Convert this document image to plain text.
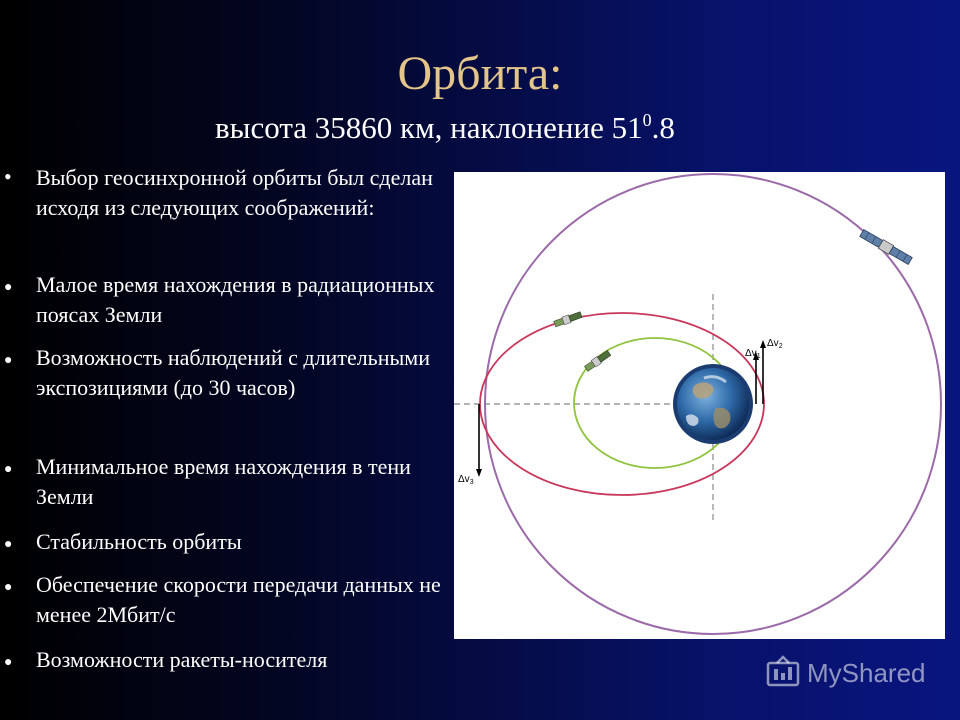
Орбита:
высота 35860 км, наклонение $51^0.8$
• Выбор геосинхронной орбиты был сделан исходя из следующих соображений:
● Малое время нахождения в радиационных поясах Земли
● Возможность наблюдений с длительными экспозициями (до 30 часов)
● Минимальное время нахождения в тени Земли
● Стабильность орбиты
● Обеспечение скорости передачи данных не менее 2Мбит/с
● Возможности ракеты-носителя
$\Delta v_1$
$\Delta v_2$
$\Delta v_3$
MyShared
